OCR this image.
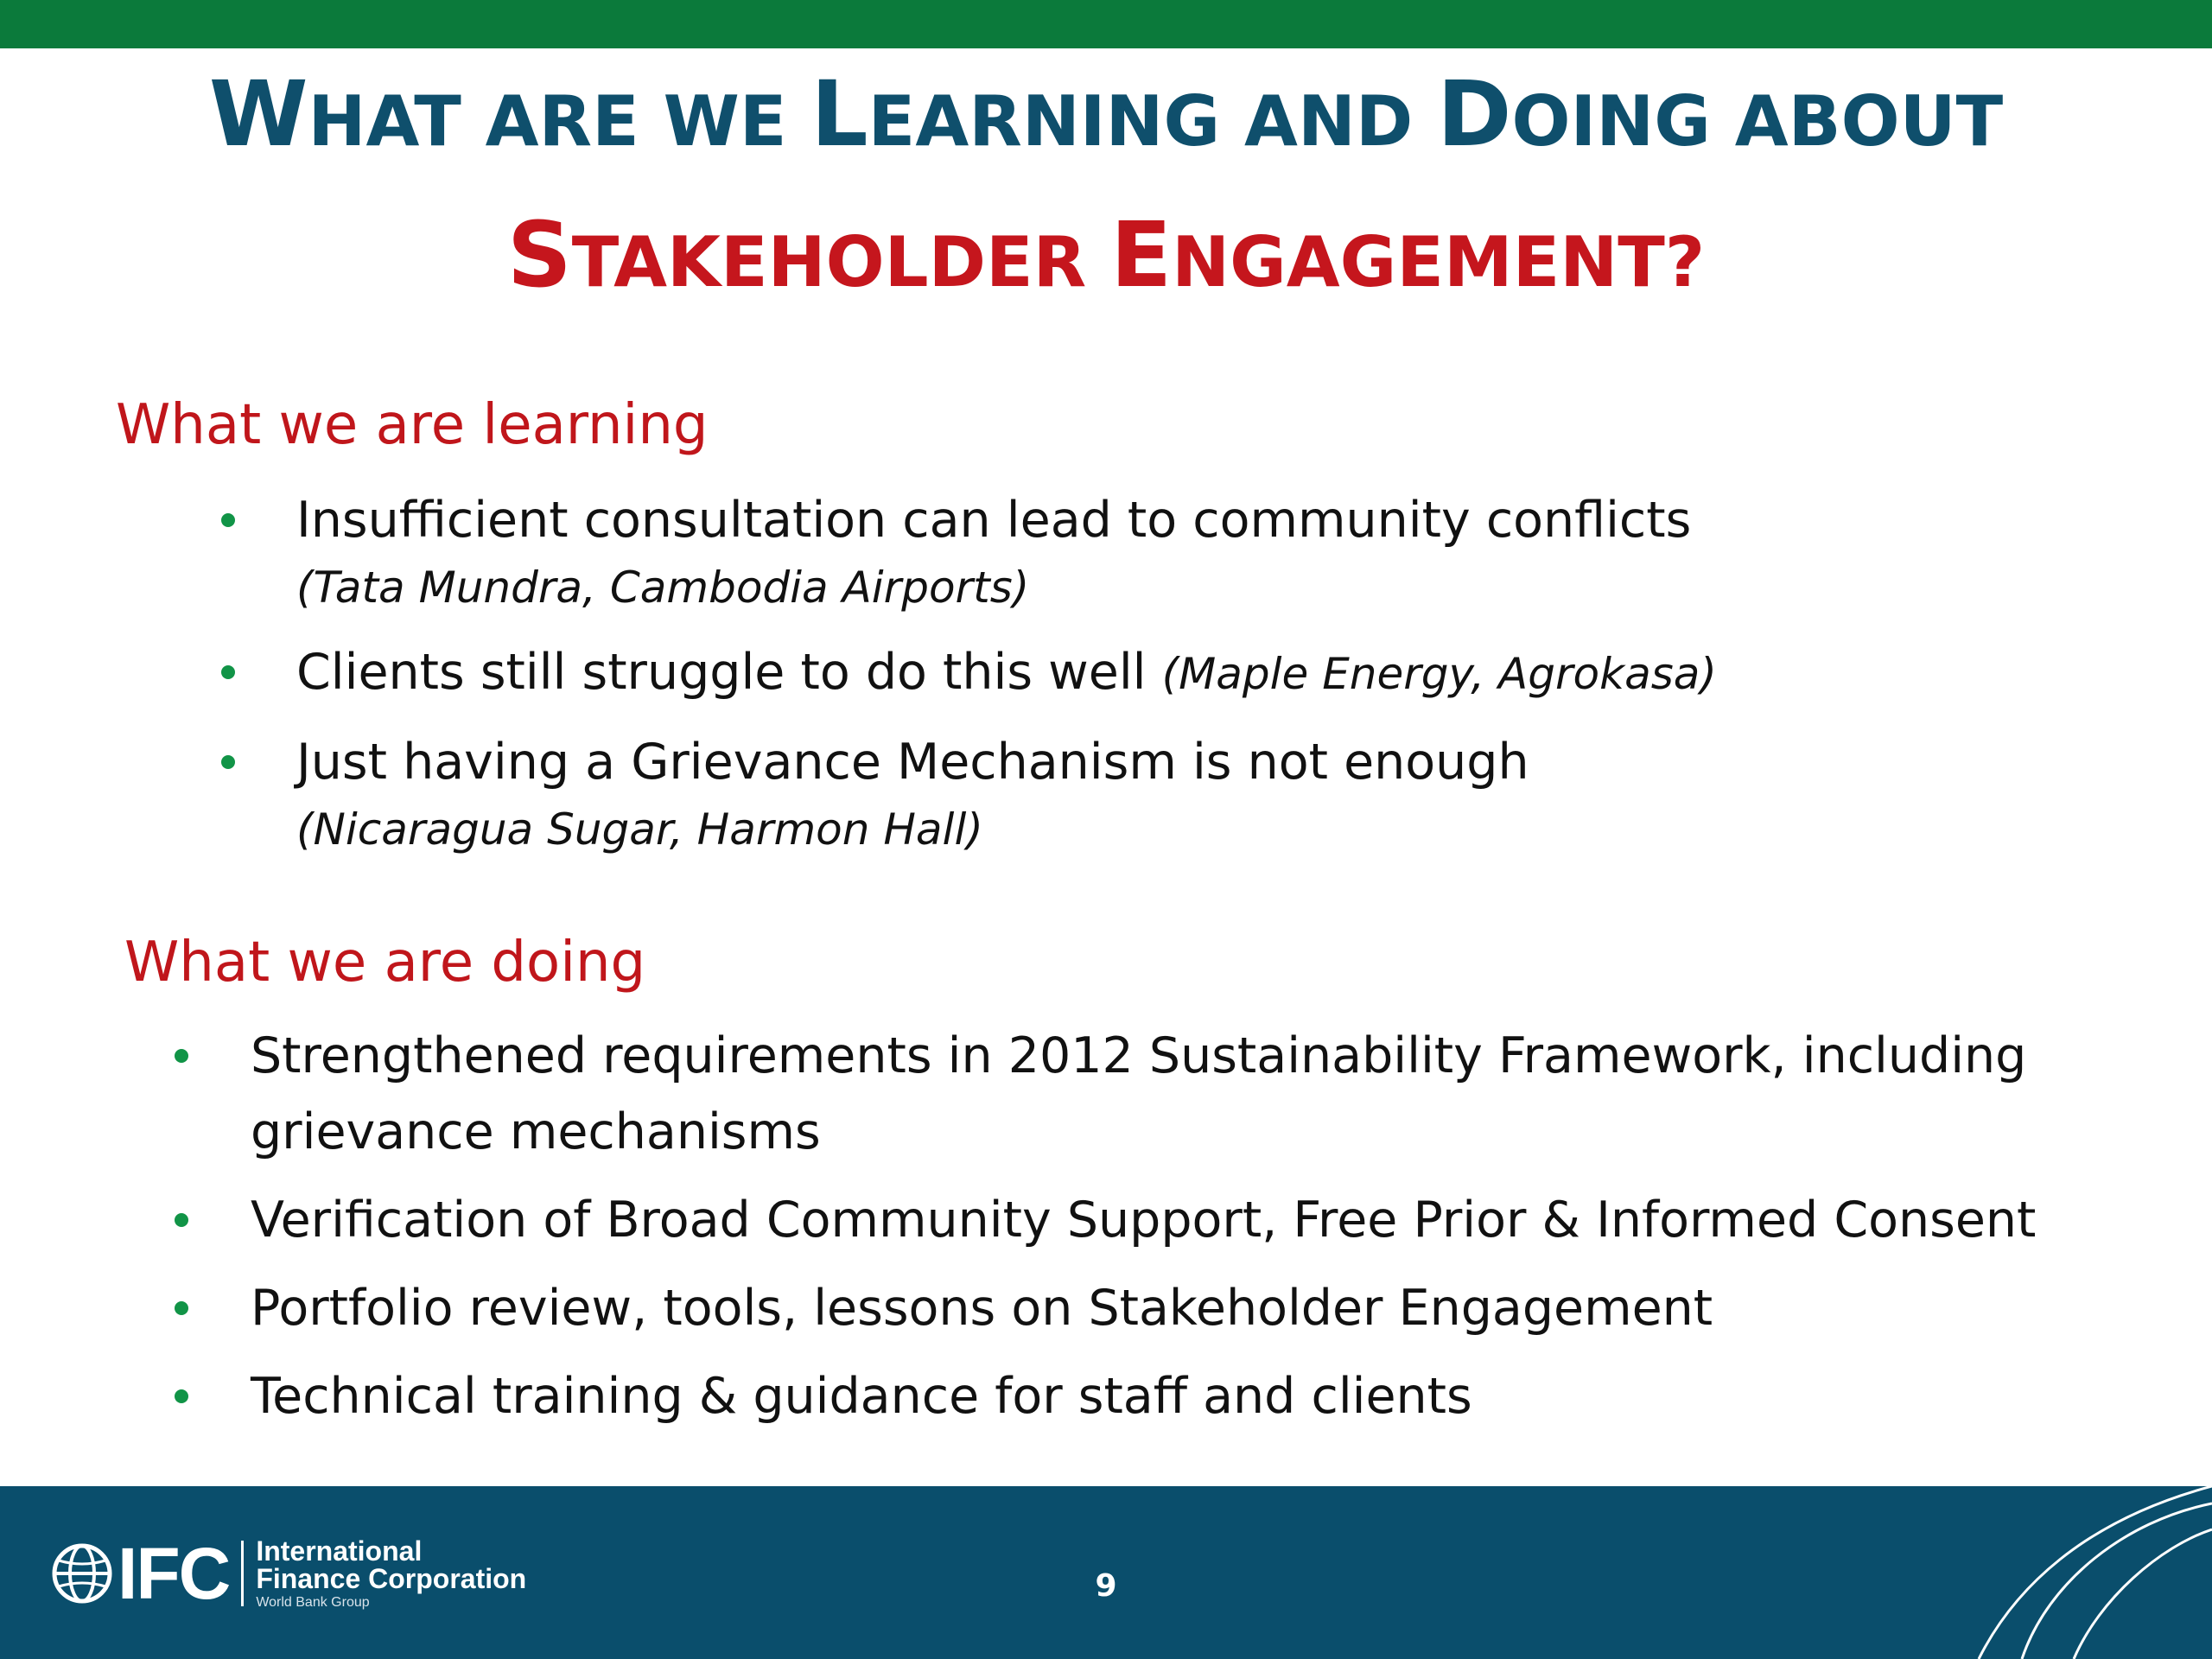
WHAT ARE WE LEARNING AND DOING ABOUT
STAKEHOLDER ENGAGEMENT?
What we are learning
Insufficient consultation can lead to community conflicts
(Tata Mundra, Cambodia Airports)
Clients still struggle to do this well (Maple Energy, Agrokasa)
Just having a Grievance Mechanism is not enough
(Nicaragua Sugar, Harmon Hall)
What we are doing
Strengthened requirements in 2012 Sustainability Framework, including grievance mechanisms
Verification of Broad Community Support, Free Prior & Informed Consent
Portfolio review, tools, lessons on Stakeholder Engagement
Technical training & guidance for staff and clients
IFC International
Finance Corporation
World Bank Group	9
